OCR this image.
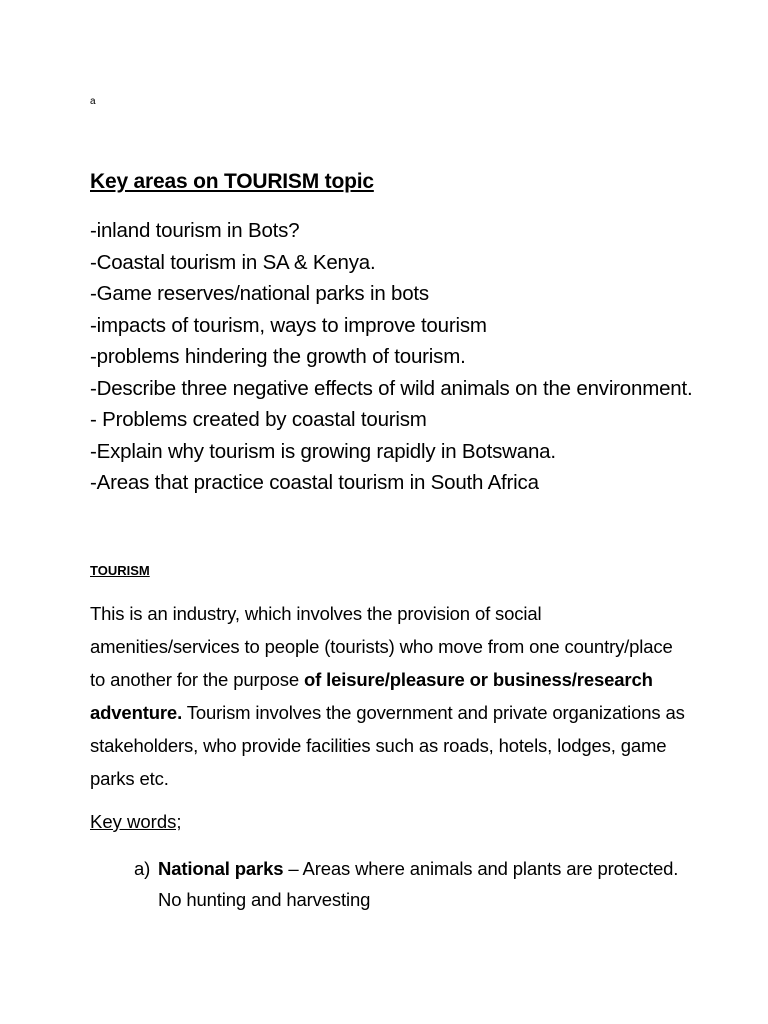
a
Key areas on TOURISM topic
-inland tourism in Bots?
-Coastal tourism in SA & Kenya.
-Game reserves/national parks in bots
-impacts of tourism, ways to improve tourism
-problems hindering the growth of tourism.
-Describe three negative effects of wild animals on the environment.
- Problems created by coastal tourism
-Explain why tourism is growing rapidly in Botswana.
-Areas that practice coastal tourism in South Africa
TOURISM

This is an industry, which involves the provision of social amenities/services to people (tourists) who move from one country/place to another for the purpose of leisure/pleasure or business/research adventure. Tourism involves the government and private organizations as stakeholders, who provide facilities such as roads, hotels, lodges, game parks etc.

Key words;
a) National parks – Areas where animals and plants are protected. No hunting and harvesting
